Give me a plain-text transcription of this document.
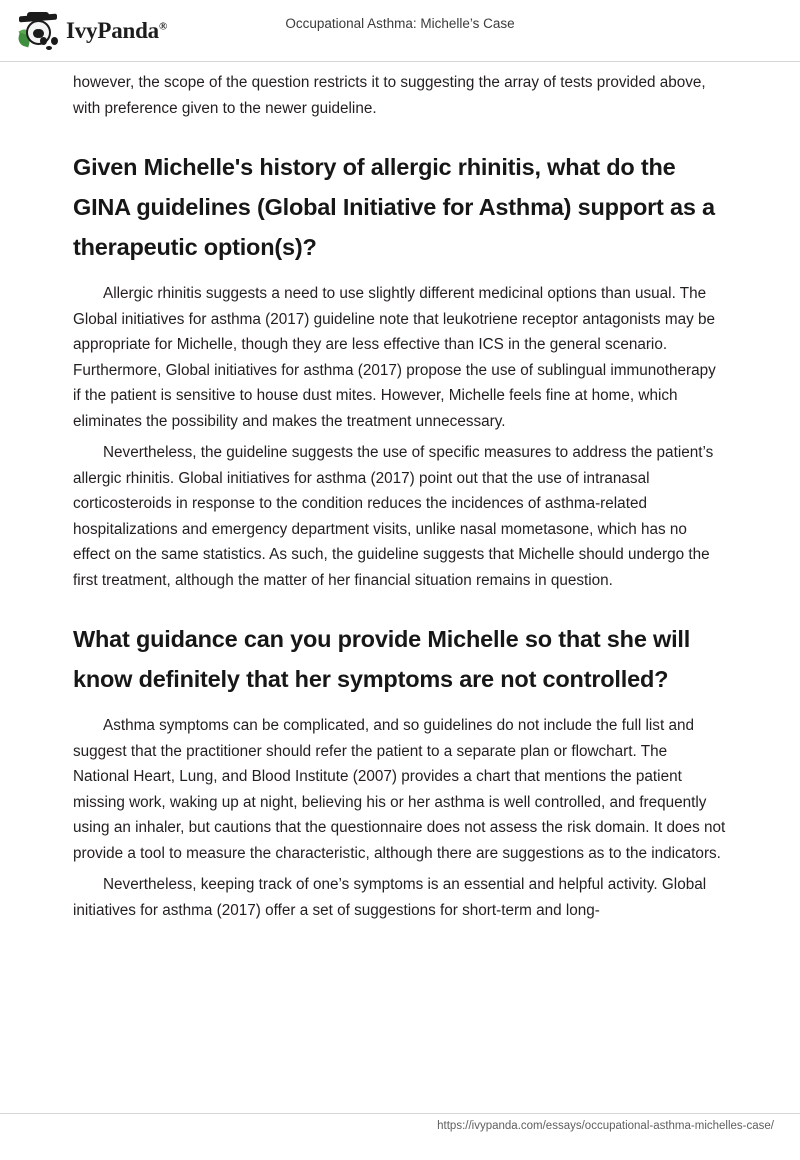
IvyPanda®	Occupational Asthma: Michelle’s Case

however, the scope of the question restricts it to suggesting the array of tests provided above, with preference given to the newer guideline.

Given Michelle's history of allergic rhinitis, what do the GINA guidelines (Global Initiative for Asthma) support as a therapeutic option(s)?

Allergic rhinitis suggests a need to use slightly different medicinal options than usual. The Global initiatives for asthma (2017) guideline note that leukotriene receptor antagonists may be appropriate for Michelle, though they are less effective than ICS in the general scenario. Furthermore, Global initiatives for asthma (2017) propose the use of sublingual immunotherapy if the patient is sensitive to house dust mites. However, Michelle feels fine at home, which eliminates the possibility and makes the treatment unnecessary.

Nevertheless, the guideline suggests the use of specific measures to address the patient’s allergic rhinitis. Global initiatives for asthma (2017) point out that the use of intranasal corticosteroids in response to the condition reduces the incidences of asthma-related hospitalizations and emergency department visits, unlike nasal mometasone, which has no effect on the same statistics. As such, the guideline suggests that Michelle should undergo the first treatment, although the matter of her financial situation remains in question.

What guidance can you provide Michelle so that she will know definitely that her symptoms are not controlled?

Asthma symptoms can be complicated, and so guidelines do not include the full list and suggest that the practitioner should refer the patient to a separate plan or flowchart. The National Heart, Lung, and Blood Institute (2007) provides a chart that mentions the patient missing work, waking up at night, believing his or her asthma is well controlled, and frequently using an inhaler, but cautions that the questionnaire does not assess the risk domain. It does not provide a tool to measure the characteristic, although there are suggestions as to the indicators.

Nevertheless, keeping track of one’s symptoms is an essential and helpful activity. Global initiatives for asthma (2017) offer a set of suggestions for short-term and long-

https://ivypanda.com/essays/occupational-asthma-michelles-case/
